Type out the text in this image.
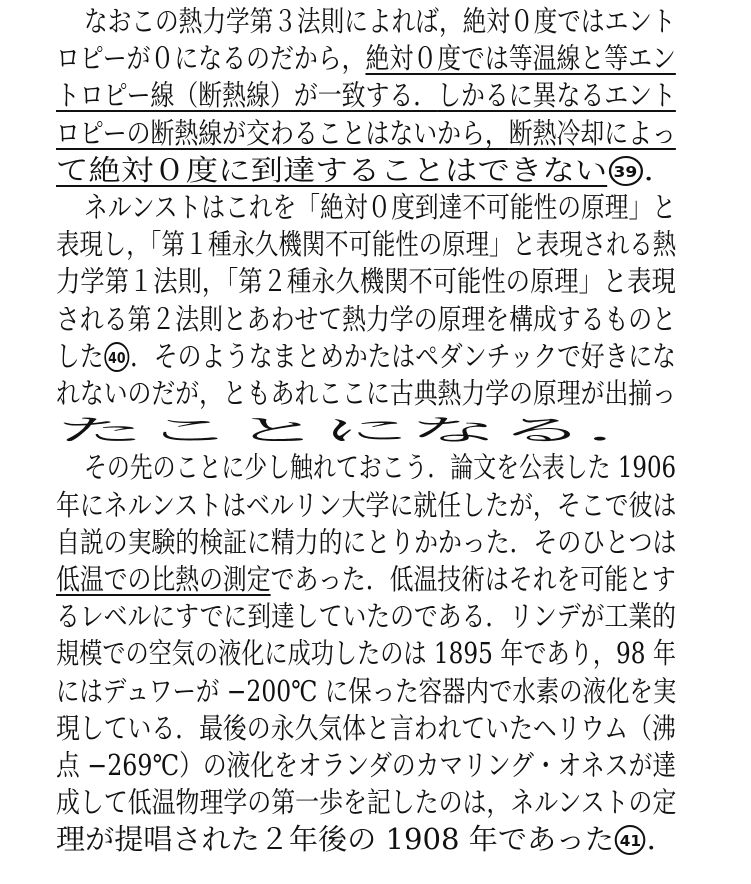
なおこの熱力学第３法則によれば，絶対０度ではエント
ロピーが０になるのだから，絶対０度では等温線と等エン
トロピー線（断熱線）が一致する．しかるに異なるエント
ロピーの断熱線が交わることはないから，断熱冷却によっ
て絶対０度に到達することはできない 39 ．
ネルンストはこれを「絶対０度到達不可能性の原理」と
表現し，「第１種永久機関不可能性の原理」と表現される熱
力学第１法則，「第２種永久機関不可能性の原理」と表現
される第２法則とあわせて熱力学の原理を構成するものと
した 40 ．そのようなまとめかたはペダンチックで好きにな
れないのだが，ともあれここに古典熱力学の原理が出揃っ
たことになる．
その先のことに少し触れておこう．論文を公表した 1906
年にネルンストはベルリン大学に就任したが，そこで彼は
自説の実験的検証に精力的にとりかかった．そのひとつは
低温での比熱の測定であった．低温技術はそれを可能とす
るレベルにすでに到達していたのである．リンデが工業的
規模での空気の液化に成功したのは 1895 年であり，98 年
にはデュワーが −200℃ に保った容器内で水素の液化を実
現している．最後の永久気体と言われていたヘリウム（沸
点 −269℃）の液化をオランダのカマリング・オネスが達
成して低温物理学の第一歩を記したのは，ネルンストの定
理が提唱された２年後の 1908 年であった 41 ．
